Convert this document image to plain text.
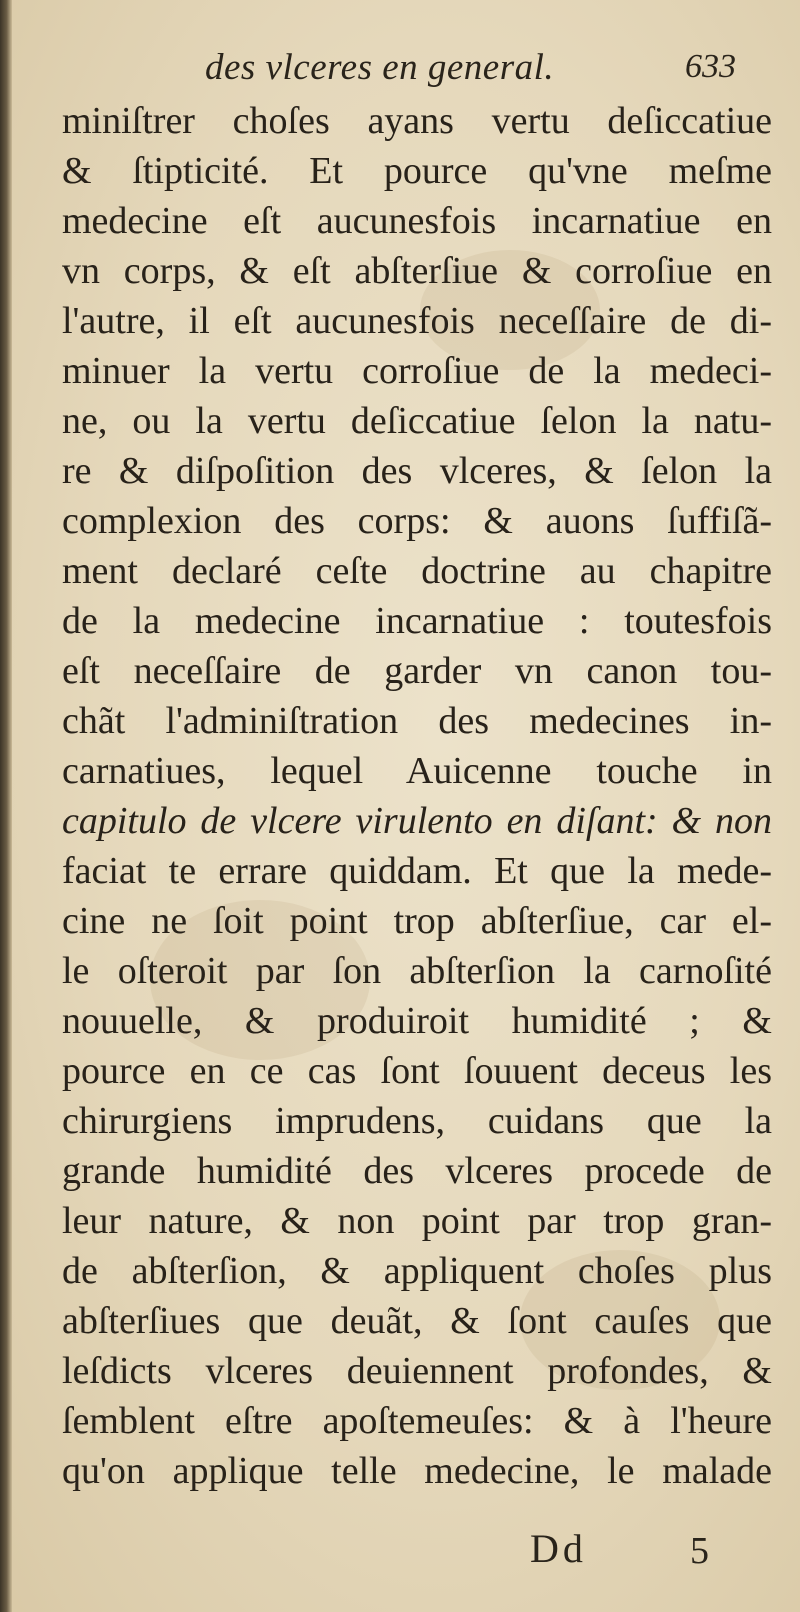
des vlceres en general.	633
miniſtrer choſes ayans vertu deſiccatiue
& ſtipticité. Et pource qu'vne meſme
medecine eſt aucunesfois incarnatiue en
vn corps, & eſt abſterſiue & corroſiue en
l'autre, il eſt aucunesfois neceſſaire de di-
minuer la vertu corroſiue de la medeci-
ne, ou la vertu deſiccatiue ſelon la natu-
re & diſpoſition des vlceres, & ſelon la
complexion des corps: & auons ſuffiſã-
ment declaré ceſte doctrine au chapitre
de la medecine incarnatiue : toutesfois
eſt neceſſaire de garder vn canon tou-
chãt l'adminiſtration des medecines in-
carnatiues, lequel Auicenne touche in
capitulo de vlcere virulento en diſant: & non
faciat te errare quiddam. Et que la mede-
cine ne ſoit point trop abſterſiue, car el-
le oſteroit par ſon abſterſion la carnoſité
nouuelle, & produiroit humidité ; &
pource en ce cas ſont ſouuent deceus les
chirurgiens imprudens, cuidans que la
grande humidité des vlceres procede de
leur nature, & non point par trop gran-
de abſterſion, & appliquent choſes plus
abſterſiues que deuãt, & ſont cauſes que
leſdicts vlceres deuiennent profondes, &
ſemblent eſtre apoſtemeuſes: & à l'heure
qu'on applique telle medecine, le malade
Dd	5
